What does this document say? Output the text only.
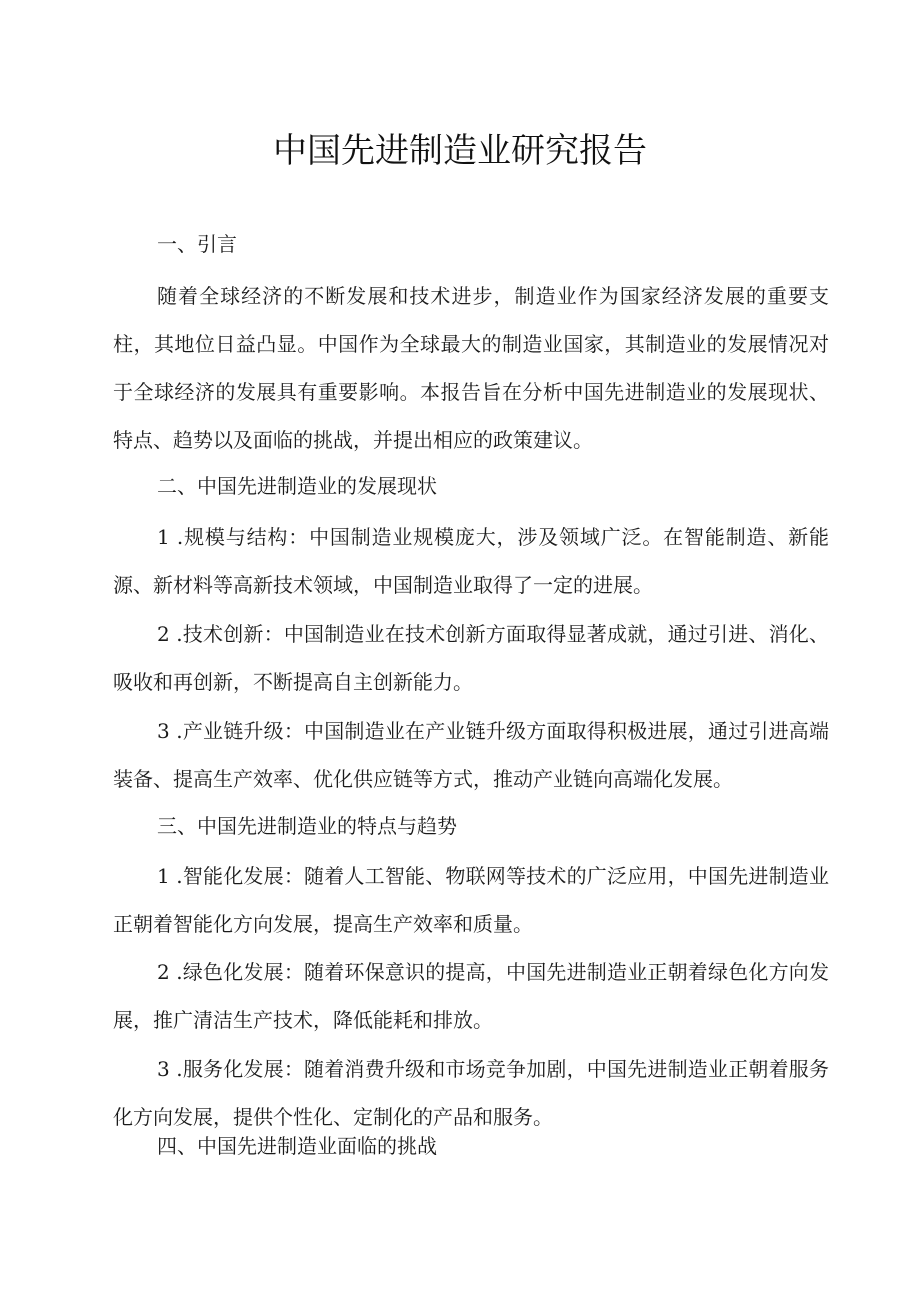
中国先进制造业研究报告
一、引言

随着全球经济的不断发展和技术进步，制造业作为国家经济发展的重要支柱，其地位日益凸显。中国作为全球最大的制造业国家，其制造业的发展情况对于全球经济的发展具有重要影响。本报告旨在分析中国先进制造业的发展现状、特点、趋势以及面临的挑战，并提出相应的政策建议。

二、中国先进制造业的发展现状

1 .规模与结构：中国制造业规模庞大，涉及领域广泛。在智能制造、新能源、新材料等高新技术领域，中国制造业取得了一定的进展。

2 .技术创新：中国制造业在技术创新方面取得显著成就，通过引进、消化、吸收和再创新，不断提高自主创新能力。

3 .产业链升级：中国制造业在产业链升级方面取得积极进展，通过引进高端装备、提高生产效率、优化供应链等方式，推动产业链向高端化发展。

三、中国先进制造业的特点与趋势

1 .智能化发展：随着人工智能、物联网等技术的广泛应用，中国先进制造业正朝着智能化方向发展，提高生产效率和质量。

2 .绿色化发展：随着环保意识的提高，中国先进制造业正朝着绿色化方向发展，推广清洁生产技术，降低能耗和排放。

3 .服务化发展：随着消费升级和市场竞争加剧，中国先进制造业正朝着服务化方向发展，提供个性化、定制化的产品和服务。

四、中国先进制造业面临的挑战
